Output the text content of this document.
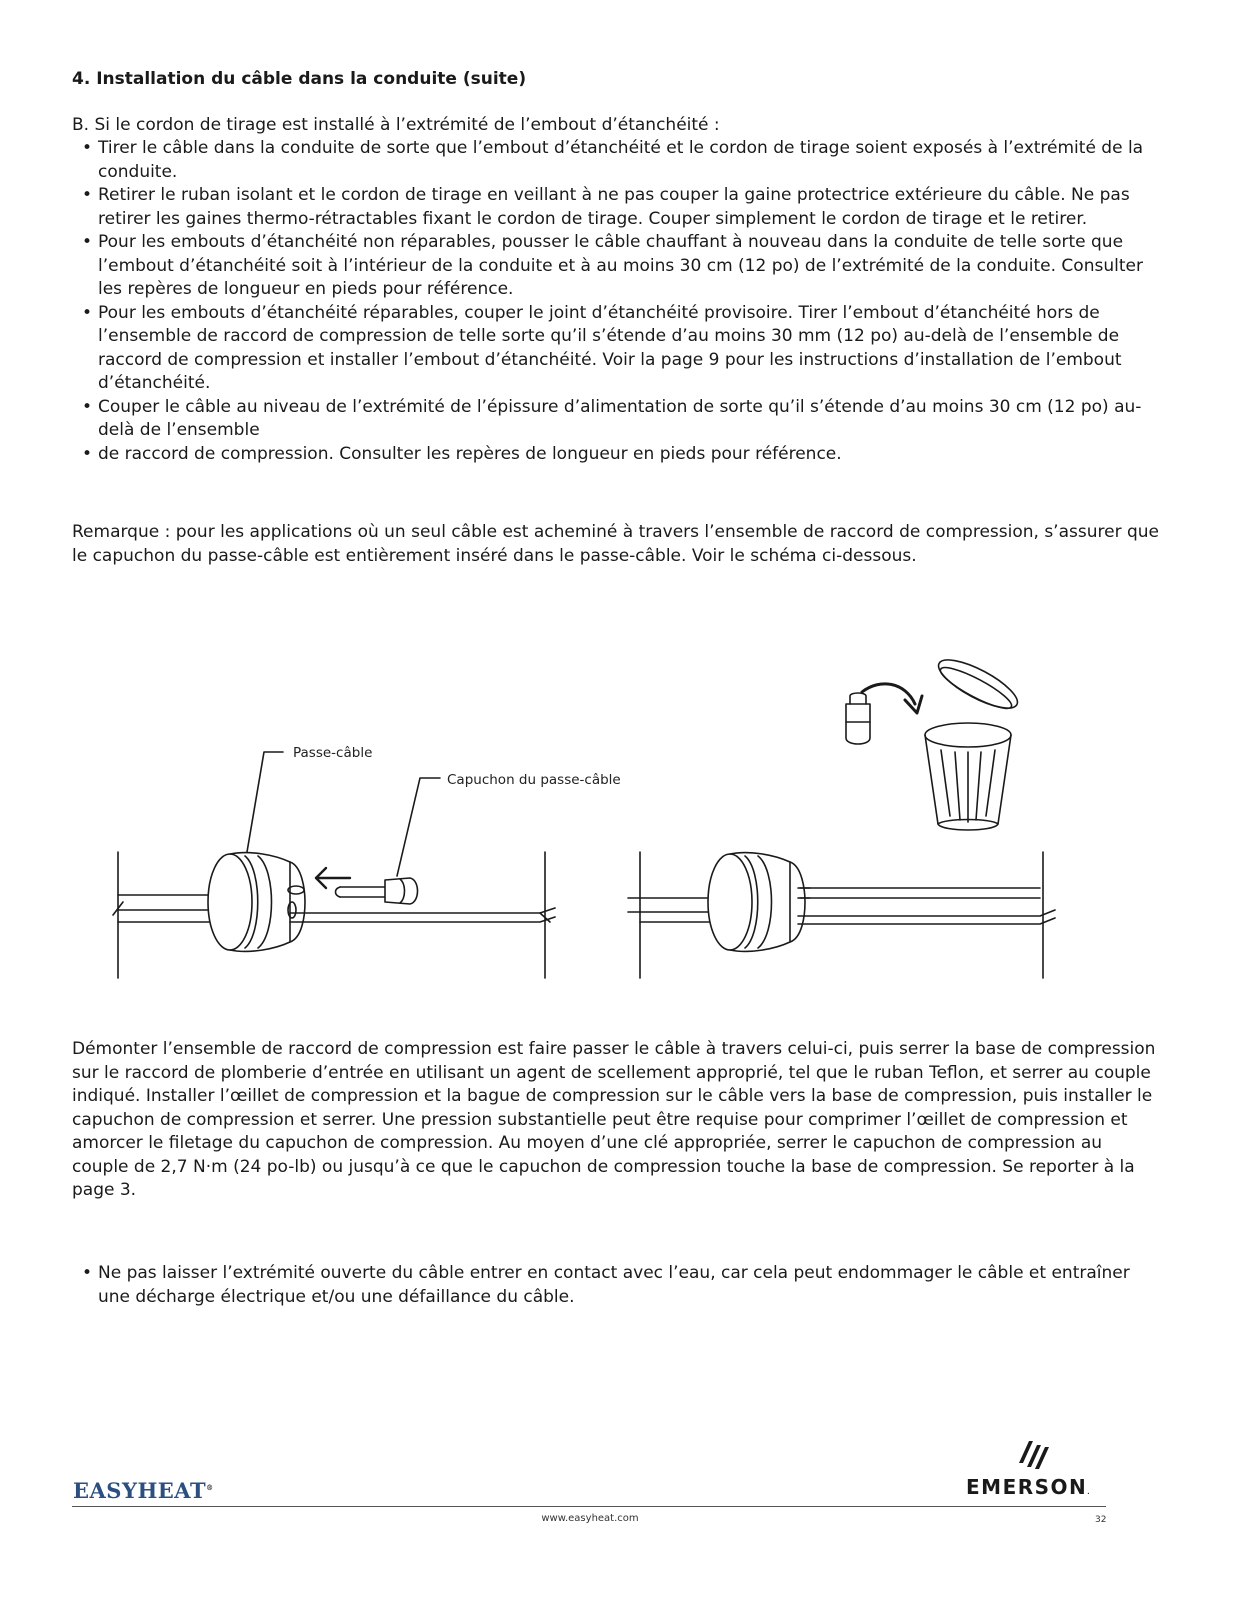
4. Installation du câble dans la conduite (suite)
B. Si le cordon de tirage est installé à l’extrémité de l’embout d’étanchéité :
• Tirer le câble dans la conduite de sorte que l’embout d’étanchéité et le cordon de tirage soient exposés à l’extrémité de la conduite.
• Retirer le ruban isolant et le cordon de tirage en veillant à ne pas couper la gaine protectrice extérieure du câble. Ne pas retirer les gaines thermo-rétractables fixant le cordon de tirage. Couper simplement le cordon de tirage et le retirer.
• Pour les embouts d’étanchéité non réparables, pousser le câble chauffant à nouveau dans la conduite de telle sorte que l’embout d’étanchéité soit à l’intérieur de la conduite et à au moins 30 cm (12 po) de l’extrémité de la conduite. Consulter les repères de longueur en pieds pour référence.
• Pour les embouts d’étanchéité réparables, couper le joint d’étanchéité provisoire. Tirer l’embout d’étanchéité hors de l’ensemble de raccord de compression de telle sorte qu’il s’étende d’au moins 30 mm (12 po) au-delà de l’ensemble de raccord de compression et installer l’embout d’étanchéité. Voir la page 9 pour les instructions d’installation de l’embout d’étanchéité.
• Couper le câble au niveau de l’extrémité de l’épissure d’alimentation de sorte qu’il s’étende d’au moins 30 cm (12 po) au-delà de l’ensemble
• de raccord de compression. Consulter les repères de longueur en pieds pour référence.
Remarque : pour les applications où un seul câble est acheminé à travers l’ensemble de raccord de compression, s’assurer que le capuchon du passe-câble est entièrement inséré dans le passe-câble. Voir le schéma ci-dessous.
Passe-câble
Capuchon du passe-câble
Démonter l’ensemble de raccord de compression est faire passer le câble à travers celui-ci, puis serrer la base de compression sur le raccord de plomberie d’entrée en utilisant un agent de scellement approprié, tel que le ruban Teflon, et serrer au couple indiqué. Installer l’œillet de compression et la bague de compression sur le câble vers la base de compression, puis installer le capuchon de compression et serrer. Une pression substantielle peut être requise pour comprimer l’œillet de compression et amorcer le filetage du capuchon de compression. Au moyen d’une clé appropriée, serrer le capuchon de compression au couple de 2,7 N·m (24 po-lb) ou jusqu’à ce que le capuchon de compression touche la base de compression. Se reporter à la page 3.
• Ne pas laisser l’extrémité ouverte du câble entrer en contact avec l’eau, car cela peut endommager le câble et entraîner une décharge électrique et/ou une défaillance du câble.
EASYHEAT®	EMERSON.
www.easyheat.com	32
